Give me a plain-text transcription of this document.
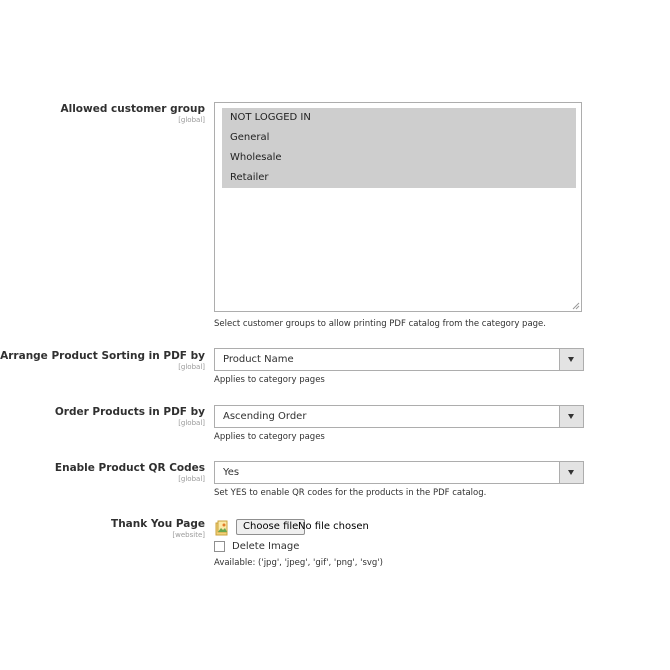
Allowed customer group
[global]	NOT LOGGED IN
General
Wholesale
Retailer
Select customer groups to allow printing PDF catalog from the category page.
Arrange Product Sorting in PDF by
[global]
Product Name
Applies to category pages
Order Products in PDF by
[global]
Ascending Order
Applies to category pages
Enable Product QR Codes
[global]
Yes
Set YES to enable QR codes for the products in the PDF catalog.
Thank You Page
[website]
Choose file No file chosen
Delete Image
Available: ('jpg', 'jpeg', 'gif', 'png', 'svg')
